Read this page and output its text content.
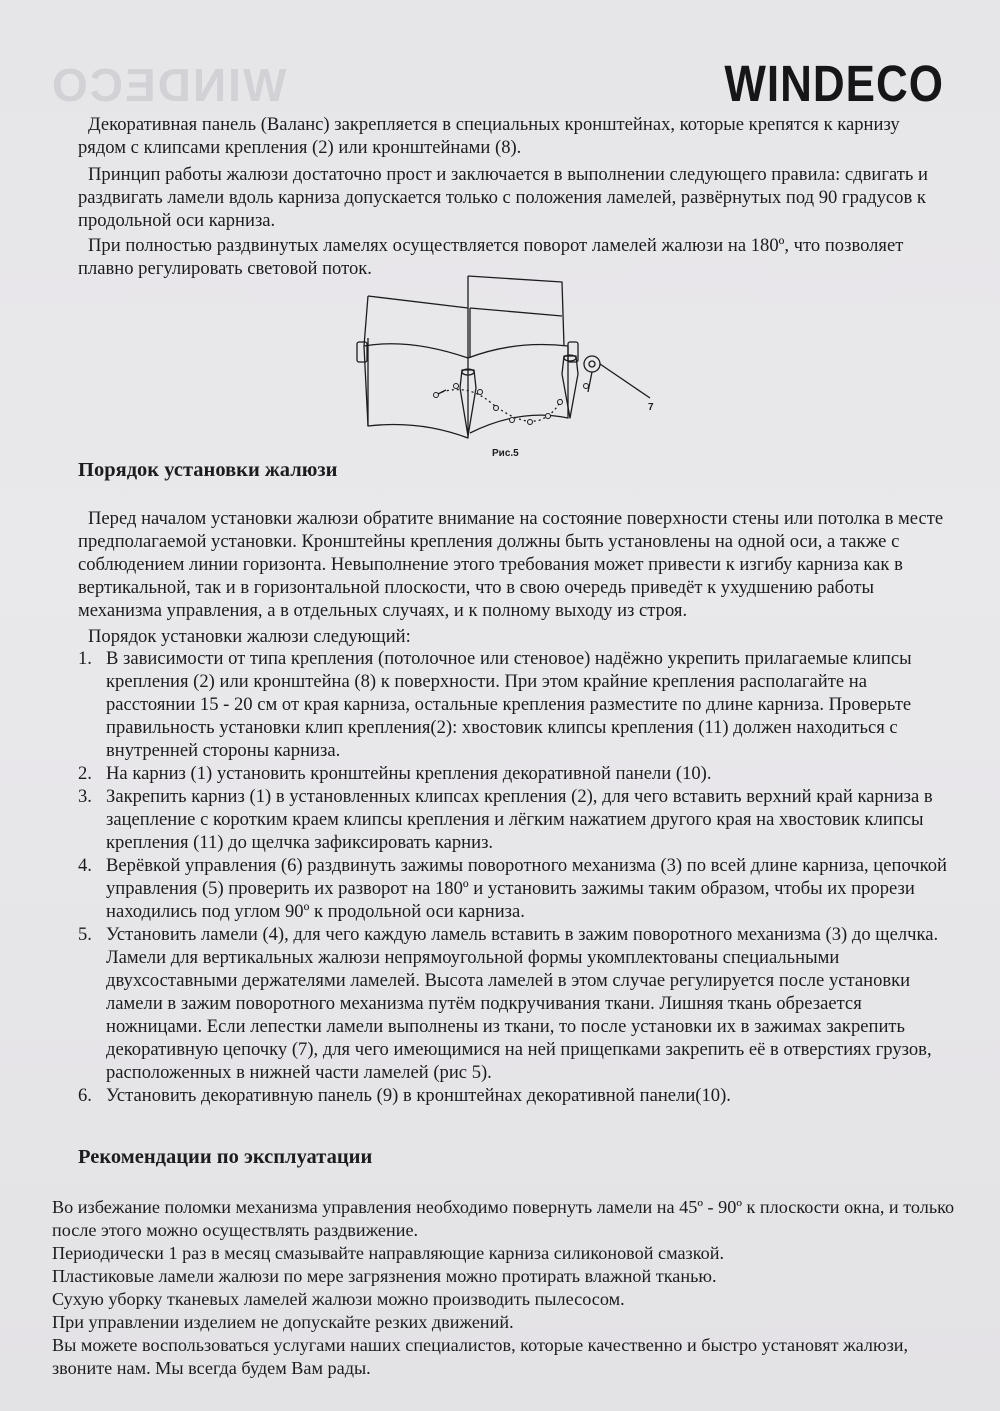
WINDECO	WINDECO

Декоративная панель (Валанс) закрепляется в специальных кронштейнах, которые крепятся к карнизу рядом с клипсами крепления (2) или кронштейнами (8).

Принцип работы жалюзи достаточно прост и заключается в выполнении следующего правила: сдвигать и раздвигать ламели вдоль карниза допускается только с положения ламелей, развёрнутых под 90 градусов к продольной оси карниза.

При полностью раздвинутых ламелях осуществляется поворот ламелей жалюзи на 180º, что позволяет плавно регулировать световой поток.

7
Рис.5
Порядок установки жалюзи

Перед началом установки жалюзи обратите внимание на состояние поверхности стены или потолка в месте предполагаемой установки. Кронштейны крепления должны быть установлены на одной оси, а также с соблюдением линии горизонта. Невыполнение этого требования может привести к изгибу карниза как в вертикальной, так и в горизонтальной плоскости, что в свою очередь приведёт к ухудшению работы механизма управления, а в отдельных случаях, и к полному выходу из строя.

Порядок установки жалюзи следующий:

1. В зависимости от типа крепления (потолочное или стеновое) надёжно укрепить прилагаемые клипсы крепления (2) или кронштейна (8) к поверхности. При этом крайние крепления располагайте на расстоянии 15 - 20 см от края карниза, остальные крепления разместите по длине карниза. Проверьте правильность установки клип крепления(2): хвостовик клипсы крепления (11) должен находиться с внутренней стороны карниза.
2. На карниз (1) установить кронштейны крепления декоративной панели (10).
3. Закрепить карниз (1) в установленных клипсах крепления (2), для чего вставить верхний край карниза в зацепление с коротким краем клипсы крепления и лёгким нажатием другого края на хвостовик клипсы крепления (11) до щелчка зафиксировать карниз.
4. Верёвкой управления (6) раздвинуть зажимы поворотного механизма (3) по всей длине карниза, цепочкой управления (5) проверить их разворот на 180º и установить зажимы таким образом, чтобы их прорези находились под углом 90º к продольной оси карниза.
5. Установить ламели (4), для чего каждую ламель вставить в зажим поворотного механизма (3) до щелчка. Ламели для вертикальных жалюзи непрямоугольной формы укомплектованы специальными двухсоставными держателями ламелей. Высота ламелей в этом случае регулируется после установки ламели в зажим поворотного механизма путём подкручивания ткани. Лишняя ткань обрезается ножницами. Если лепестки ламели выполнены из ткани, то после установки их в зажимах закрепить декоративную цепочку (7), для чего имеющимися на ней прищепками закрепить её в отверстиях грузов, расположенных в нижней части ламелей (рис 5).
6. Установить декоративную панель (9) в кронштейнах декоративной панели(10).
Рекомендации по эксплуатации
Во избежание поломки механизма управления необходимо повернуть ламели на 45º - 90º к плоскости окна, и только после этого можно осуществлять раздвижение.
Периодически 1 раз в месяц смазывайте направляющие карниза силиконовой смазкой.
Пластиковые ламели жалюзи по мере загрязнения можно протирать влажной тканью.
Сухую уборку тканевых ламелей жалюзи можно производить пылесосом.
При управлении изделием не допускайте резких движений.
Вы можете воспользоваться услугами наших специалистов, которые качественно и быстро установят жалюзи, звоните нам. Мы всегда будем Вам рады.
